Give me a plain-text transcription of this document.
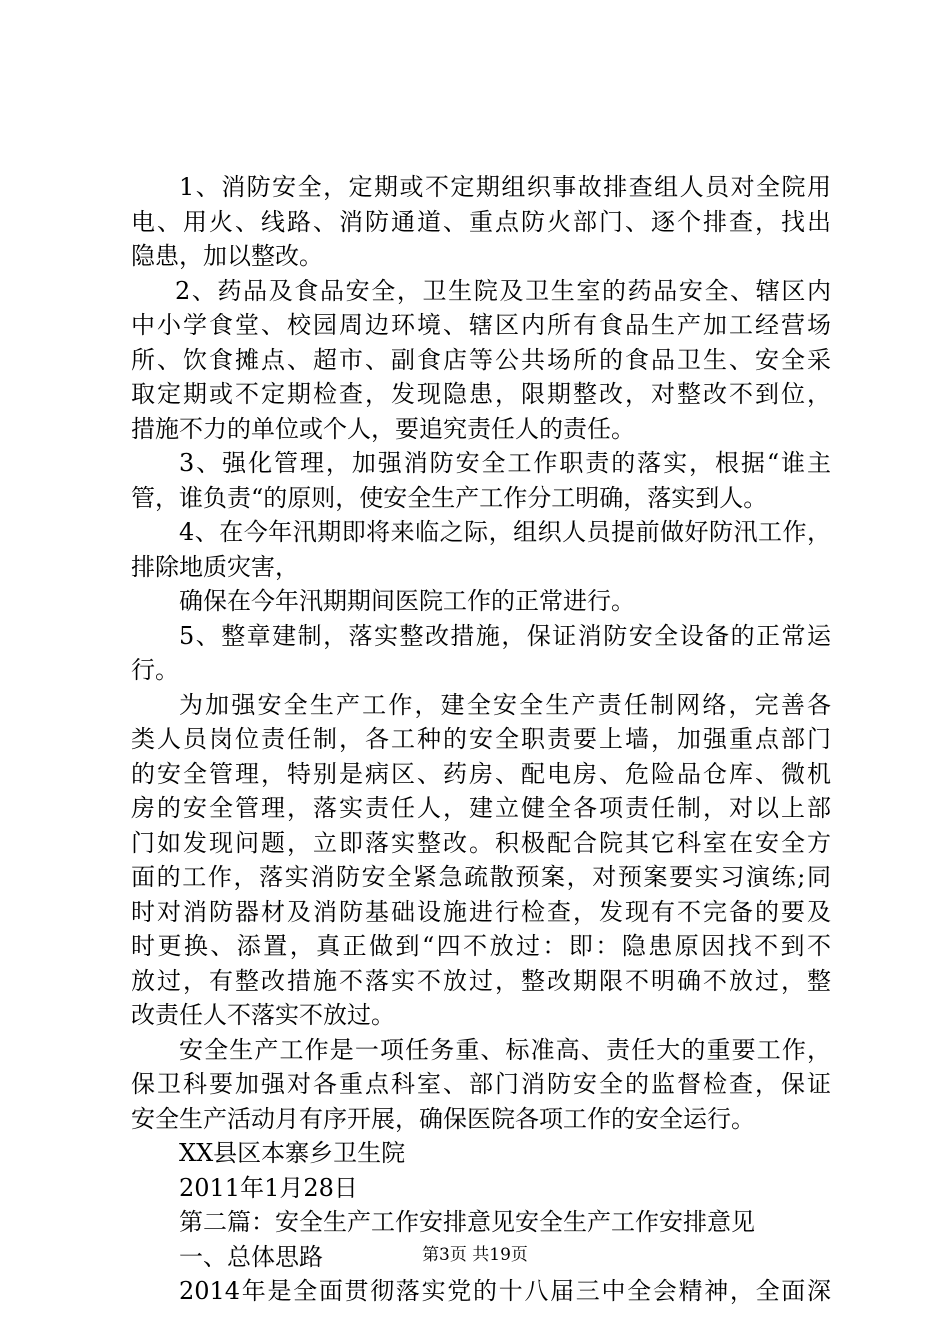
1、消防安全，定期或不定期组织事故排查组人员对全院用
电、用火、线路、消防通道、重点防火部门、逐个排查，找出
隐患，加以整改。
2、药品及食品安全，卫生院及卫生室的药品安全、辖区内
中小学食堂、校园周边环境、辖区内所有食品生产加工经营场
所、饮食摊点、超市、副食店等公共场所的食品卫生、安全采
取定期或不定期检查，发现隐患，限期整改，对整改不到位，
措施不力的单位或个人，要追究责任人的责任。
3、强化管理，加强消防安全工作职责的落实，根据“谁主
管，谁负责“的原则，使安全生产工作分工明确，落实到人。
4、在今年汛期即将来临之际，组织人员提前做好防汛工作，
排除地质灾害，
确保在今年汛期期间医院工作的正常进行。
5、整章建制，落实整改措施，保证消防安全设备的正常运
行。
为加强安全生产工作，建全安全生产责任制网络，完善各
类人员岗位责任制，各工种的安全职责要上墙，加强重点部门
的安全管理，特别是病区、药房、配电房、危险品仓库、微机
房的安全管理，落实责任人，建立健全各项责任制，对以上部
门如发现问题，立即落实整改。积极配合院其它科室在安全方
面的工作，落实消防安全紧急疏散预案，对预案要实习演练;同
时对消防器材及消防基础设施进行检查，发现有不完备的要及
时更换、添置，真正做到“四不放过：即：隐患原因找不到不
放过，有整改措施不落实不放过，整改期限不明确不放过，整
改责任人不落实不放过。
安全生产工作是一项任务重、标准高、责任大的重要工作，
保卫科要加强对各重点科室、部门消防安全的监督检查，保证
安全生产活动月有序开展，确保医院各项工作的安全运行。
XX县区本寨乡卫生院
2011年1月28日
第二篇：安全生产工作安排意见安全生产工作安排意见
一、总体思路
2014年是全面贯彻落实党的十八届三中全会精神，全面深
第3页 共19页
